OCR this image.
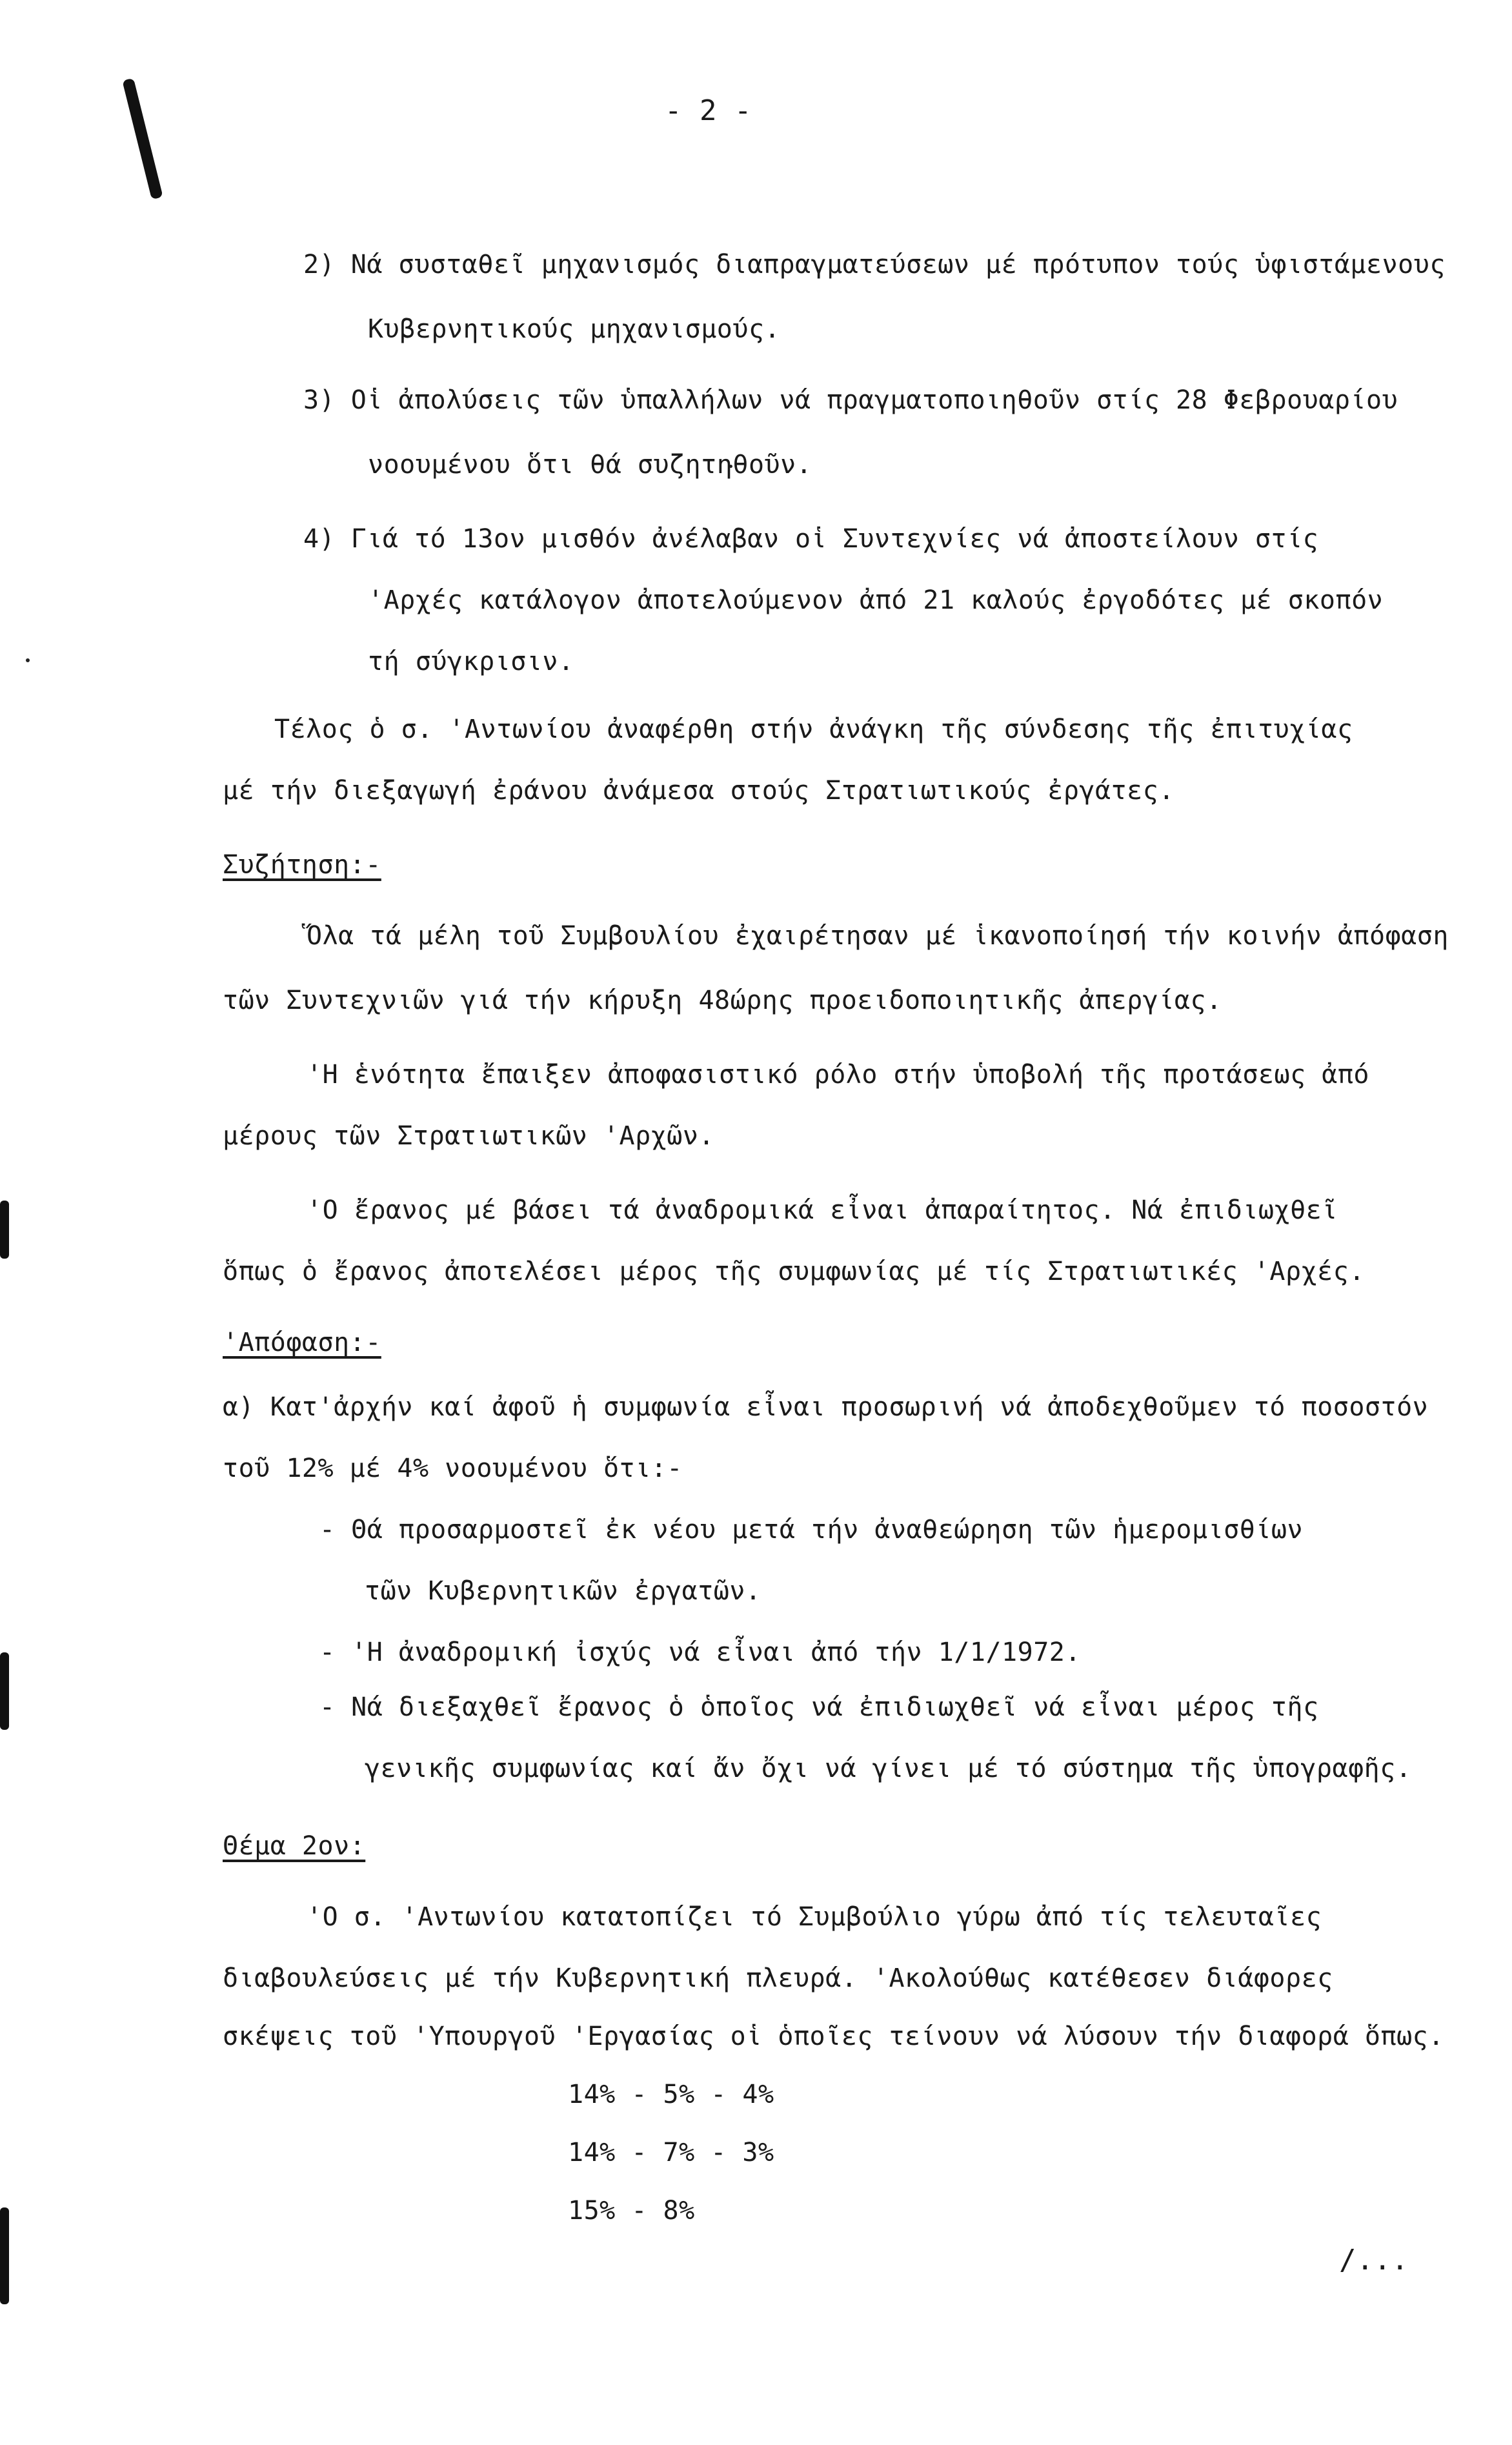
- 2 -
2) Νά συσταθεῖ μηχανισμός διαπραγματεύσεων μέ πρότυπον τούς ὑφιστάμενους
Κυβερνητικούς μηχανισμούς.
3) Οἱ ἀπολύσεις τῶν ὑπαλλήλων νά πραγματοποιηθοῦν στίς 28 Φεβρουαρίου
νοουμένου ὅτι θά συζητηθοῦν.
4) Γιά τό 13ον μισθόν ἀνέλαβαν οἱ Συντεχνίες νά ἀποστείλουν στίς
'Αρχές κατάλογον ἀποτελούμενον ἀπό 21 καλούς ἐργοδότες μέ σκοπόν
τή σύγκρισιν.
Τέλος ὁ σ. 'Αντωνίου ἀναφέρθη στήν ἀνάγκη τῆς σύνδεσης τῆς ἐπιτυχίας
μέ τήν διεξαγωγή ἐράνου ἀνάμεσα στούς Στρατιωτικούς ἐργάτες.
Συζήτηση:-
Ὅλα τά μέλη τοῦ Συμβουλίου ἐχαιρέτησαν μέ ἱκανοποίησή τήν κοινήν ἀπόφαση
τῶν Συντεχνιῶν γιά τήν κήρυξη 48ώρης προειδοποιητικῆς ἀπεργίας.
'Η ἑνότητα ἔπαιξεν ἀποφασιστικό ρόλο στήν ὑποβολή τῆς προτάσεως ἀπό
μέρους τῶν Στρατιωτικῶν 'Αρχῶν.
'Ο ἔρανος μέ βάσει τά ἀναδρομικά εἶναι ἀπαραίτητος. Νά ἐπιδιωχθεῖ
ὅπως ὁ ἔρανος ἀποτελέσει μέρος τῆς συμφωνίας μέ τίς Στρατιωτικές 'Αρχές.
'Απόφαση:-
α) Κατ'ἀρχήν καί ἀφοῦ ἡ συμφωνία εἶναι προσωρινή νά ἀποδεχθοῦμεν τό ποσοστόν
τοῦ 12% μέ 4% νοουμένου ὅτι:-
- Θά προσαρμοστεῖ ἐκ νέου μετά τήν ἀναθεώρηση τῶν ἡμερομισθίων
τῶν Κυβερνητικῶν ἐργατῶν.
- 'Η ἀναδρομική ἰσχύς νά εἶναι ἀπό τήν 1/1/1972.
- Νά διεξαχθεῖ ἔρανος ὁ ὁποῖος νά ἐπιδιωχθεῖ νά εἶναι μέρος τῆς
γενικῆς συμφωνίας καί ἄν ὄχι νά γίνει μέ τό σύστημα τῆς ὑπογραφῆς.
Θέμα 2ον:
'Ο σ. 'Αντωνίου κατατοπίζει τό Συμβούλιο γύρω ἀπό τίς τελευταῖες
διαβουλεύσεις μέ τήν Κυβερνητική πλευρά. 'Ακολούθως κατέθεσεν διάφορες
σκέψεις τοῦ 'Υπουργοῦ 'Εργασίας οἱ ὁποῖες τείνουν νά λύσουν τήν διαφορά ὅπως.
14% - 5% - 4%
14% - 7% - 3%
15% - 8%
/...
